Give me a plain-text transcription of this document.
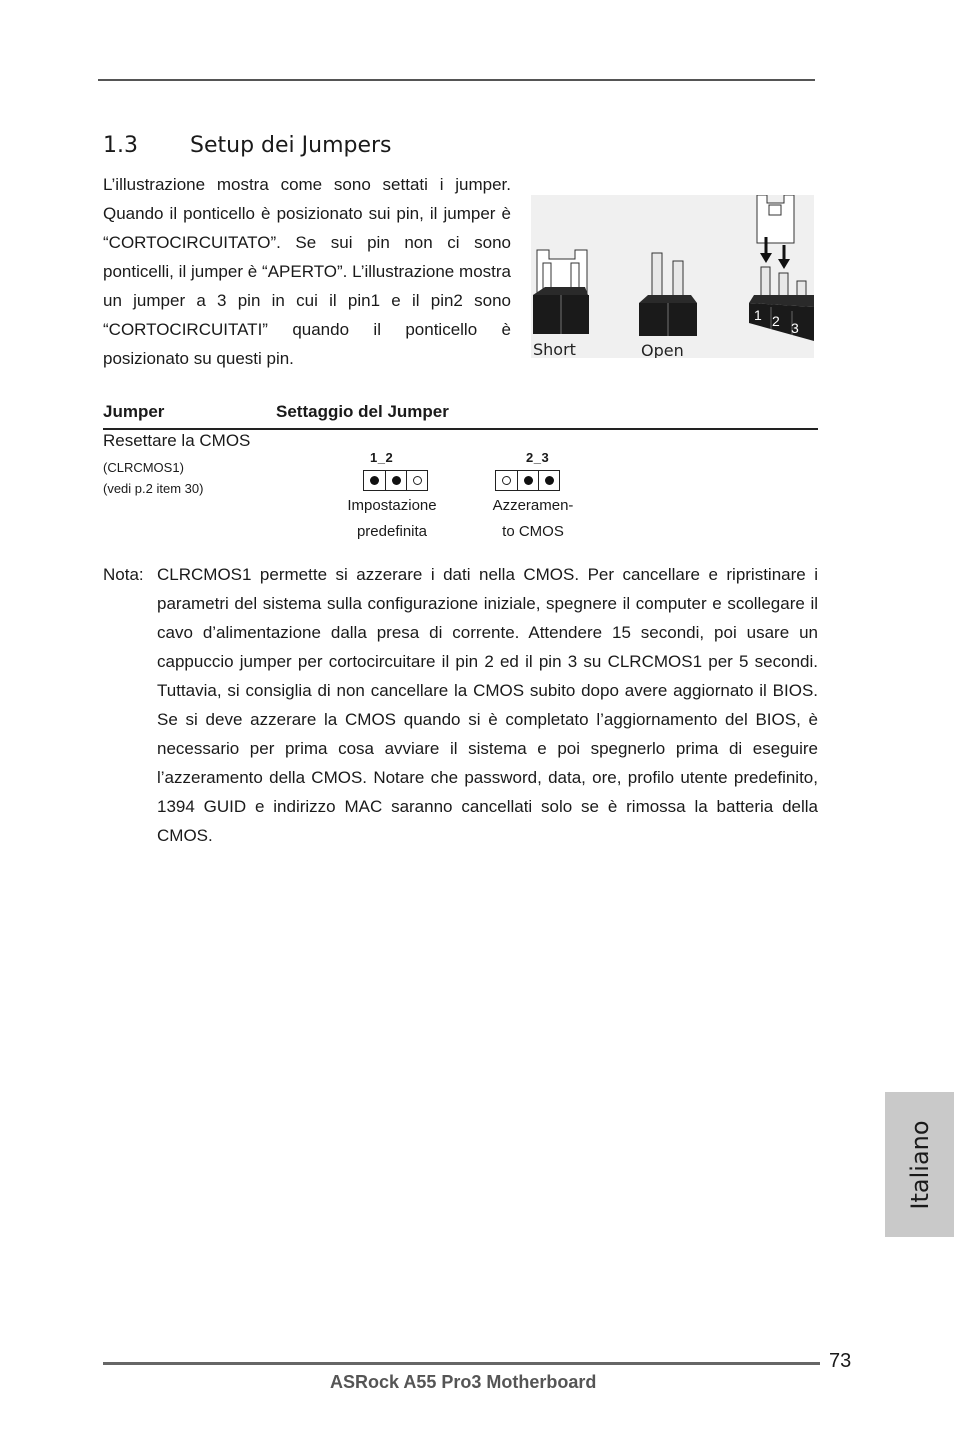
1.3 Setup dei Jumpers

L’illustrazione mostra come sono settati i jumper. Quando il ponticello è posizionato sui pin, il jumper è “CORTOCIRCUITATO”. Se sui pin non ci sono ponticelli, il jumper è “APERTO”. L’illustrazione mostra un jumper a 3 pin in cui il pin1 e il pin2 sono “CORTOCIRCUITATI” quando il ponticello è posizionato su questi pin.

1 2 3
Short	Open
Jumper	Settaggio del Jumper
Resettare la CMOS
(CLRCMOS1)
(vedi p.2 item 30)
1_2
Impostazione
predefinita
2_3
Azzeramen-
to CMOS
Nota: CLRCMOS1 permette si azzerare i dati nella CMOS. Per cancellare e ripristinare i parametri del sistema sulla configurazione iniziale, spegnere il computer e scollegare il cavo d’alimentazione dalla presa di corrente. Attendere 15 secondi, poi usare un cappuccio jumper per cortocircuitare il pin 2 ed il pin 3 su CLRCMOS1 per 5 secondi. Tuttavia, si consiglia di non cancellare la CMOS subito dopo avere aggiornato il BIOS. Se si deve azzerare la CMOS quando si è completato l’aggiornamento del BIOS, è necessario per prima cosa avviare il sistema e poi spegnerlo prima di eseguire l’azzeramento della CMOS. Notare che password, data, ore, profilo utente predefinito, 1394 GUID e indirizzo MAC saranno cancellati solo se è rimossa la batteria della CMOS.

Italiano
73
ASRock A55 Pro3 Motherboard
